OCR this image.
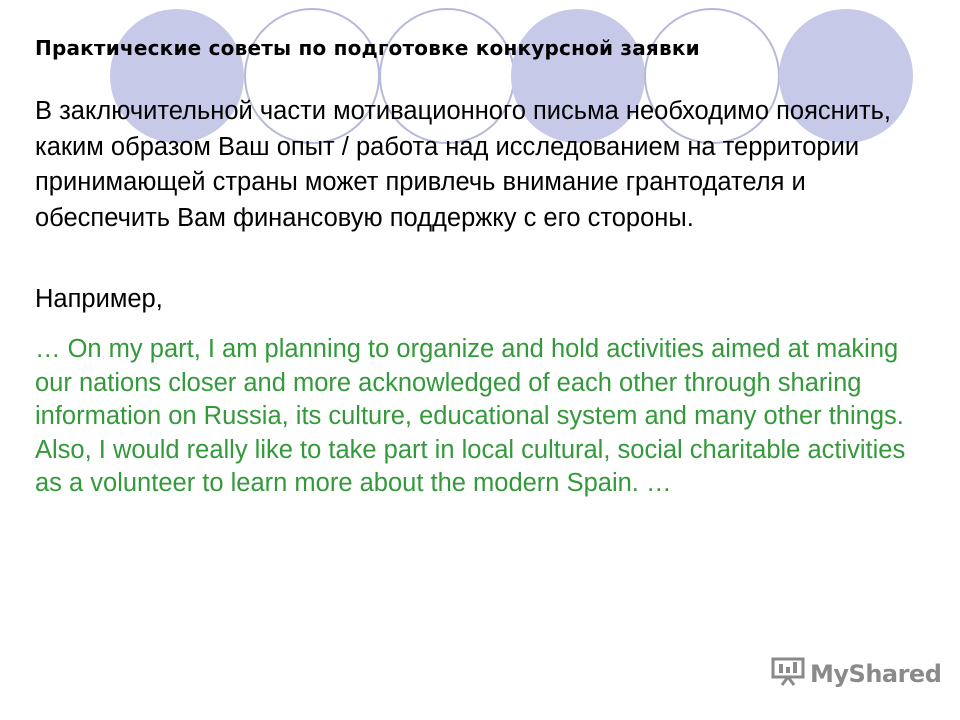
Практические советы по подготовке конкурсной заявки

В заключительной части мотивационного письма необходимо пояснить, каким образом Ваш опыт / работа над исследованием на территории принимающей страны может привлечь внимание грантодателя и обеспечить Вам финансовую поддержку с его стороны.

Например,

… On my part, I am planning to organize and hold activities aimed at making our nations closer and more acknowledged of each other through sharing information on Russia, its culture, educational system and many other things. Also, I would really like to take part in local cultural, social charitable activities as a volunteer to learn more about the modern Spain. …

MyShared
